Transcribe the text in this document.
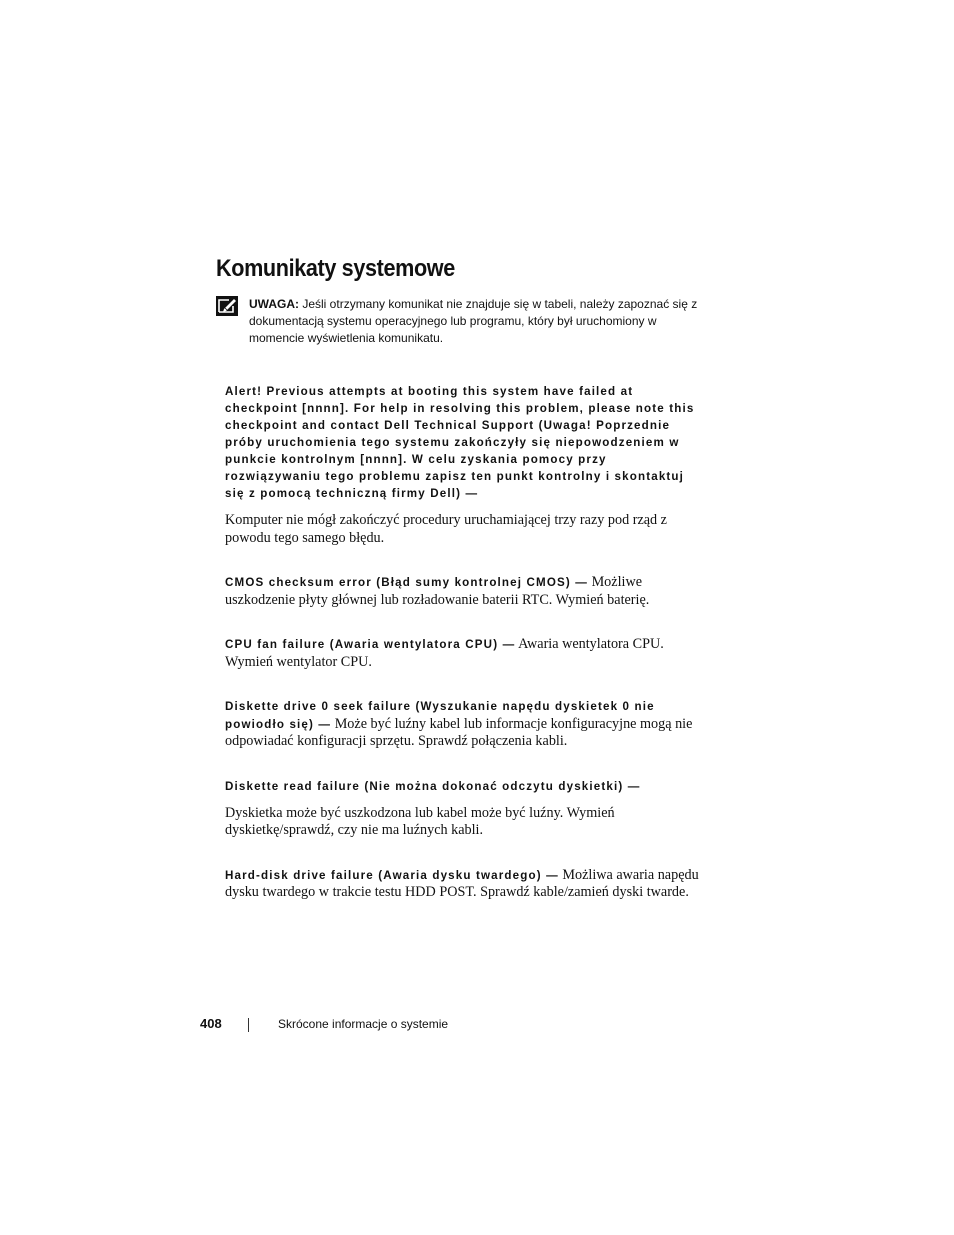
Komunikaty systemowe
UWAGA: Jeśli otrzymany komunikat nie znajduje się w tabeli, należy zapoznać się z dokumentacją systemu operacyjnego lub programu, który był uruchomiony w momencie wyświetlenia komunikatu.

Alert! Previous attempts at booting this system have failed at checkpoint [nnnn]. For help in resolving this problem, please note this checkpoint and contact Dell Technical Support (Uwaga! Poprzednie próby uruchomienia tego systemu zakończyły się niepowodzeniem w punkcie kontrolnym [nnnn]. W celu zyskania pomocy przy rozwiązywaniu tego problemu zapisz ten punkt kontrolny i skontaktuj się z pomocą techniczną firmy Dell) —

Komputer nie mógł zakończyć procedury uruchamiającej trzy razy pod rząd z powodu tego samego błędu.

CMOS checksum error (Błąd sumy kontrolnej CMOS) — Możliwe uszkodzenie płyty głównej lub rozładowanie baterii RTC. Wymień baterię.

CPU fan failure (Awaria wentylatora CPU) — Awaria wentylatora CPU. Wymień wentylator CPU.

Diskette drive 0 seek failure (Wyszukanie napędu dyskietek 0 nie powiodło się) — Może być luźny kabel lub informacje konfiguracyjne mogą nie odpowiadać konfiguracji sprzętu. Sprawdź połączenia kabli.

Diskette read failure (Nie można dokonać odczytu dyskietki) —

Dyskietka może być uszkodzona lub kabel może być luźny. Wymień dyskietkę/sprawdź, czy nie ma luźnych kabli.

Hard-disk drive failure (Awaria dysku twardego) — Możliwa awaria napędu dysku twardego w trakcie testu HDD POST. Sprawdź kable/zamień dyski twarde.

408	Skrócone informacje o systemie
